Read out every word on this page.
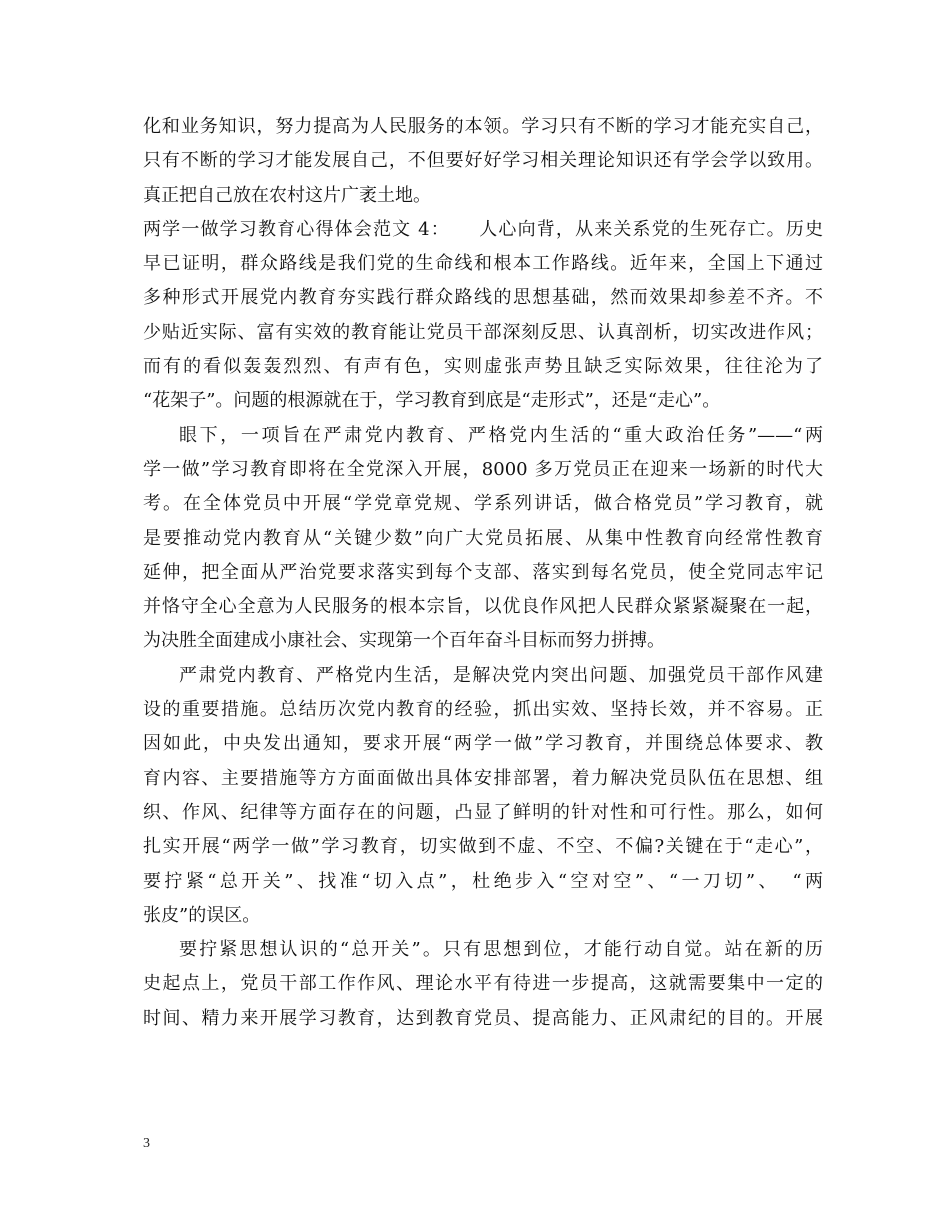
化和业务知识，努力提高为人民服务的本领。学习只有不断的学习才能充实自己，
只有不断的学习才能发展自己，不但要好好学习相关理论知识还有学会学以致用。
真正把自己放在农村这片广袤土地。
两学一做学习教育心得体会范文 4：　　人心向背，从来关系党的生死存亡。历史
早已证明，群众路线是我们党的生命线和根本工作路线。近年来，全国上下通过
多种形式开展党内教育夯实践行群众路线的思想基础，然而效果却参差不齐。不
少贴近实际、富有实效的教育能让党员干部深刻反思、认真剖析，切实改进作风；
而有的看似轰轰烈烈、有声有色，实则虚张声势且缺乏实际效果，往往沦为了
“花架子”。问题的根源就在于，学习教育到底是“走形式”，还是“走心”。
眼下，一项旨在严肃党内教育、严格党内生活的“重大政治任务”——“两
学一做”学习教育即将在全党深入开展，8000 多万党员正在迎来一场新的时代大
考。在全体党员中开展“学党章党规、学系列讲话，做合格党员”学习教育，就
是要推动党内教育从“关键少数”向广大党员拓展、从集中性教育向经常性教育
延伸，把全面从严治党要求落实到每个支部、落实到每名党员，使全党同志牢记
并恪守全心全意为人民服务的根本宗旨，以优良作风把人民群众紧紧凝聚在一起，
为决胜全面建成小康社会、实现第一个百年奋斗目标而努力拼搏。
严肃党内教育、严格党内生活，是解决党内突出问题、加强党员干部作风建
设的重要措施。总结历次党内教育的经验，抓出实效、坚持长效，并不容易。正
因如此，中央发出通知，要求开展“两学一做”学习教育，并围绕总体要求、教
育内容、主要措施等方方面面做出具体安排部署，着力解决党员队伍在思想、组
织、作风、纪律等方面存在的问题，凸显了鲜明的针对性和可行性。那么，如何
扎实开展“两学一做”学习教育，切实做到不虚、不空、不偏?关键在于“走心”，
要拧紧“总开关”、找准“切入点”，杜绝步入“空对空”、“一刀切”、　“两
张皮”的误区。
要拧紧思想认识的“总开关”。只有思想到位，才能行动自觉。站在新的历
史起点上，党员干部工作作风、理论水平有待进一步提高，这就需要集中一定的
时间、精力来开展学习教育，达到教育党员、提高能力、正风肃纪的目的。开展
3
